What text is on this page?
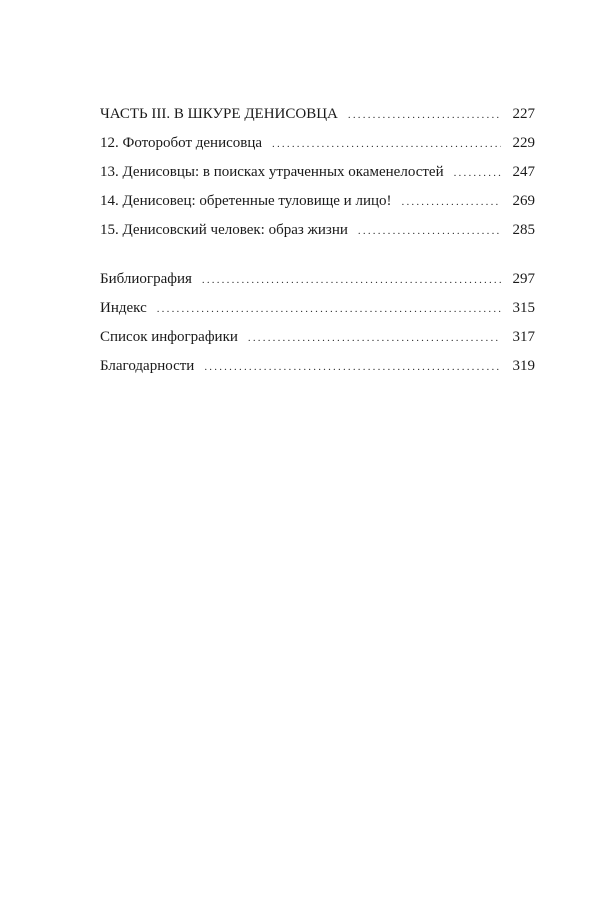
ЧАСТЬ III. В ШКУРЕ ДЕНИСОВЦА .....	227
12. Фоторобот денисовца .....	229
13. Денисовцы: в поисках утраченных окаменелостей .....	247
14. Денисовец: обретенные туловище и лицо! .....	269
15. Денисовский человек: образ жизни .....	285
Библиография .....	297
Индекс .....	315
Список инфографики .....	317
Благодарности .....	319
